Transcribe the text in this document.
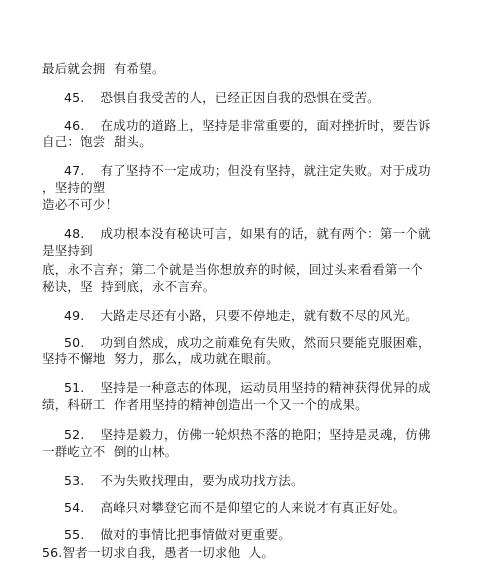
最后就会拥  有希望。

45. 恐惧自我受苦的人，已经正因自我的恐惧在受苦。

46. 在成功的道路上，坚持是非常重要的，面对挫折时，要告诉

自己：饱尝  甜头。

47. 有了坚持不一定成功；但没有坚持，就注定失败。对于成功

，坚持的塑

造必不可少！

48. 成功根本没有秘诀可言，如果有的话，就有两个：第一个就

是坚持到

底，永不言弃；第二个就是当你想放弃的时候，回过头来看看第一个

秘诀，坚  持到底，永不言弃。

49. 大路走尽还有小路，只要不停地走，就有数不尽的风光。

50. 功到自然成，成功之前难免有失败，然而只要能克服困难，

坚持不懈地  努力，那么，成功就在眼前。

51. 坚持是一种意志的体现，运动员用坚持的精神获得优异的成

绩，科研工  作者用坚持的精神创造出一个又一个的成果。

52. 坚持是毅力，仿佛一轮炽热不落的艳阳；坚持是灵魂，仿佛

一群屹立不  倒的山林。

53. 不为失败找理由，要为成功找方法。

54. 高峰只对攀登它而不是仰望它的人来说才有真正好处。

55. 做对的事情比把事情做对更重要。

56.智者一切求自我，愚者一切求他  人。
